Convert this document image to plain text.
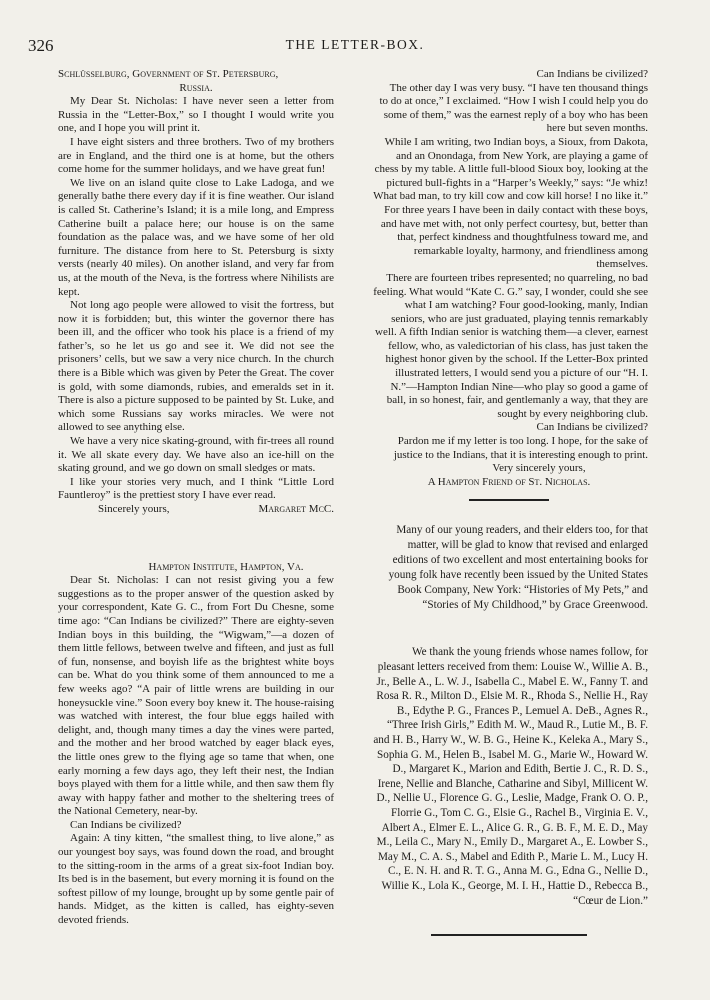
326	THE LETTER-BOX.

Schlüsselburg, Government of St. Petersburg,

Russia.

My Dear St. Nicholas: I have never seen a letter from Russia in the “Letter-Box,” so I thought I would write you one, and I hope you will print it.

I have eight sisters and three brothers. Two of my brothers are in England, and the third one is at home, but the others come home for the summer holidays, and we have great fun!

We live on an island quite close to Lake Ladoga, and we generally bathe there every day if it is fine weather. Our island is called St. Catherine’s Island; it is a mile long, and Empress Catherine built a palace here; our house is on the same foundation as the palace was, and we have some of her old furniture. The distance from here to St. Petersburg is sixty versts (nearly 40 miles). On another island, and very far from us, at the mouth of the Neva, is the fortress where Nihilists are kept.

Not long ago people were allowed to visit the fortress, but now it is forbidden; but, this winter the governor there has been ill, and the officer who took his place is a friend of my father’s, so he let us go and see it. We did not see the prisoners’ cells, but we saw a very nice church. In the church there is a Bible which was given by Peter the Great. The cover is gold, with some diamonds, rubies, and emeralds set in it. There is also a picture supposed to be painted by St. Luke, and which some Russians say works miracles. We were not allowed to see anything else.

We have a very nice skating-ground, with fir-trees all round it. We all skate every day. We have also an ice-hill on the skating ground, and we go down on small sledges or mats.

I like your stories very much, and I think “Little Lord Fauntleroy” is the prettiest story I have ever read.

Sincerely yours,	Margaret McC.

Hampton Institute, Hampton, Va.

Dear St. Nicholas: I can not resist giving you a few suggestions as to the proper answer of the question asked by your correspondent, Kate G. C., from Fort Du Chesne, some time ago: “Can Indians be civilized?” There are eighty-seven Indian boys in this building, the “Wigwam,”—a dozen of them little fellows, between twelve and fifteen, and just as full of fun, nonsense, and boyish life as the brightest white boys can be. What do you think some of them announced to me a few weeks ago? “A pair of little wrens are building in our honeysuckle vine.” Soon every boy knew it. The house-raising was watched with interest, the four blue eggs hailed with delight, and, though many times a day the vines were parted, and the mother and her brood watched by eager black eyes, the little ones grew to the flying age so tame that when, one early morning a few days ago, they left their nest, the Indian boys played with them for a little while, and then saw them fly away with happy father and mother to the sheltering trees of the National Cemetery, near-by.

Can Indians be civilized?

Again: A tiny kitten, “the smallest thing, to live alone,” as our youngest boy says, was found down the road, and brought to the sitting-room in the arms of a great six-foot Indian boy. Its bed is in the basement, but every morning it is found on the softest pillow of my lounge, brought up by some gentle pair of hands. Midget, as the kitten is called, has eighty-seven devoted friends.

Can Indians be civilized?

The other day I was very busy. “I have ten thousand things to do at once,” I exclaimed. “How I wish I could help you do some of them,” was the earnest reply of a boy who has been here but seven months.

While I am writing, two Indian boys, a Sioux, from Dakota, and an Onondaga, from New York, are playing a game of chess by my table. A little full-blood Sioux boy, looking at the pictured bull-fights in a “Harper’s Weekly,” says: “Je whiz! What bad man, to try kill cow and cow kill horse! I no like it.”

For three years I have been in daily contact with these boys, and have met with, not only perfect courtesy, but, better than that, perfect kindness and thoughtfulness toward me, and remarkable loyalty, harmony, and friendliness among themselves.

There are fourteen tribes represented; no quarreling, no bad feeling. What would “Kate C. G.” say, I wonder, could she see what I am watching? Four good-looking, manly, Indian seniors, who are just graduated, playing tennis remarkably well. A fifth Indian senior is watching them—a clever, earnest fellow, who, as valedictorian of his class, has just taken the highest honor given by the school. If the Letter-Box printed illustrated letters, I would send you a picture of our “H. I. N.”—Hampton Indian Nine—who play so good a game of ball, in so honest, fair, and gentlemanly a way, that they are sought by every neighboring club.

Can Indians be civilized?

Pardon me if my letter is too long. I hope, for the sake of justice to the Indians, that it is interesting enough to print.

Very sincerely yours,

A Hampton Friend of St. Nicholas.

Many of our young readers, and their elders too, for that matter, will be glad to know that revised and enlarged editions of two excellent and most entertaining books for young folk have recently been issued by the United States Book Company, New York: “Histories of My Pets,” and “Stories of My Childhood,” by Grace Greenwood.

We thank the young friends whose names follow, for pleasant letters received from them: Louise W., Willie A. B., Jr., Belle A., L. W. J., Isabella C., Mabel E. W., Fanny T. and Rosa R. R., Milton D., Elsie M. R., Rhoda S., Nellie H., Ray B., Edythe P. G., Frances P., Lemuel A. DeB., Agnes R., “Three Irish Girls,” Edith M. W., Maud R., Lutie M., B. F. and H. B., Harry W., W. B. G., Heine K., Keleka A., Mary S., Sophia G. M., Helen B., Isabel M. G., Marie W., Howard W. D., Margaret K., Marion and Edith, Bertie J. C., R. D. S., Irene, Nellie and Blanche, Catharine and Sibyl, Millicent W. D., Nellie U., Florence G. G., Leslie, Madge, Frank O. O. P., Florrie G., Tom C. G., Elsie G., Rachel B., Virginia E. V., Albert A., Elmer E. L., Alice G. R., G. B. F., M. E. D., May M., Leila C., Mary N., Emily D., Margaret A., E. Lowber S., May M., C. A. S., Mabel and Edith P., Marie L. M., Lucy H. C., E. N. H. and R. T. G., Anna M. G., Edna G., Nellie D., Willie K., Lola K., George, M. I. H., Hattie D., Rebecca B., “Cœur de Lion.”
